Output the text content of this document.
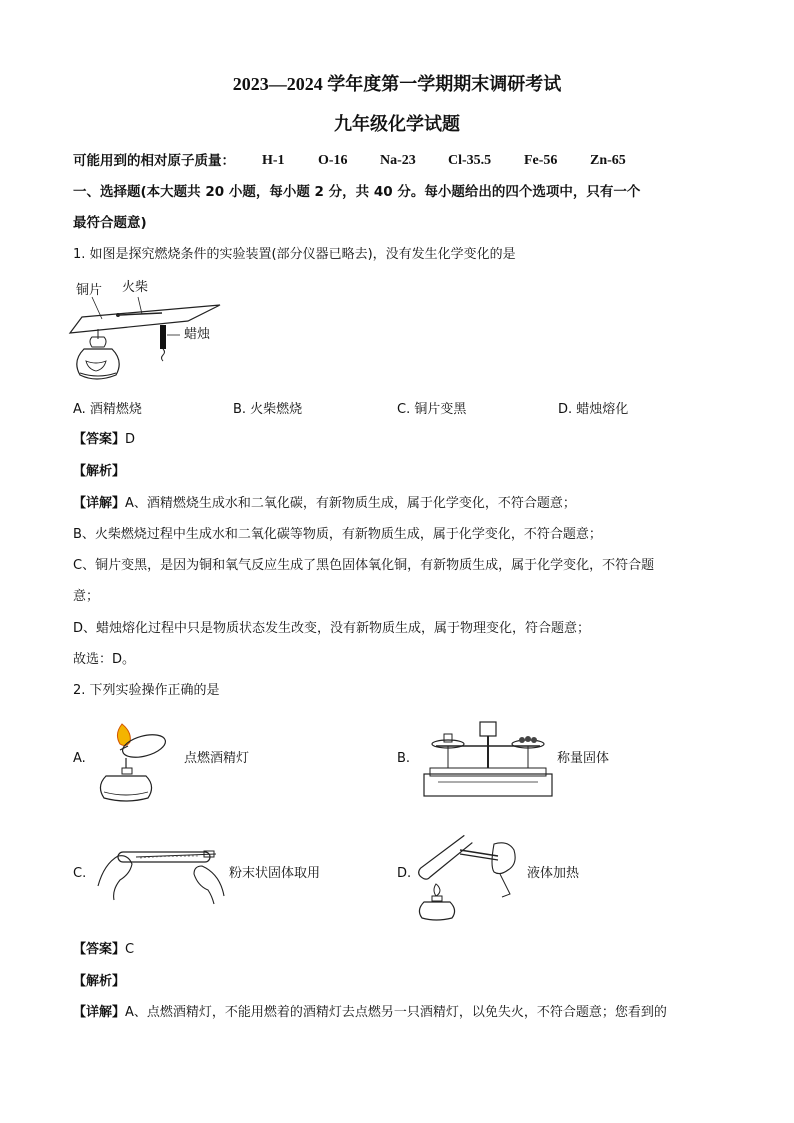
2023—2024 学年度第一学期期末调研考试
九年级化学试题
可能用到的相对原子质量： H-1 O-16 Na-23 Cl-35.5 Fe-56 Zn-65
一、选择题(本大题共 20 小题，每小题 2 分，共 40 分。每小题给出的四个选项中，只有一个
最符合题意)
1. 如图是探究燃烧条件的实验装置(部分仪器已略去)，没有发生化学变化的是
铜片 火柴
蜡烛
A. 酒精燃烧	B. 火柴燃烧	C. 铜片变黑	D. 蜡烛熔化
【答案】D
【解析】
【详解】A、酒精燃烧生成水和二氧化碳，有新物质生成，属于化学变化，不符合题意；
B、火柴燃烧过程中生成水和二氧化碳等物质，有新物质生成，属于化学变化，不符合题意；
C、铜片变黑，是因为铜和氧气反应生成了黑色固体氧化铜，有新物质生成，属于化学变化，不符合题
意；
D、蜡烛熔化过程中只是物质状态发生改变，没有新物质生成，属于物理变化，符合题意；
故选：D。
2. 下列实验操作正确的是
A.	点燃酒精灯	B.	称量固体
C.	粉末状固体取用	D.	液体加热
【答案】C
【解析】
【详解】A、点燃酒精灯，不能用燃着的酒精灯去点燃另一只酒精灯，以免失火，不符合题意；您看到的
